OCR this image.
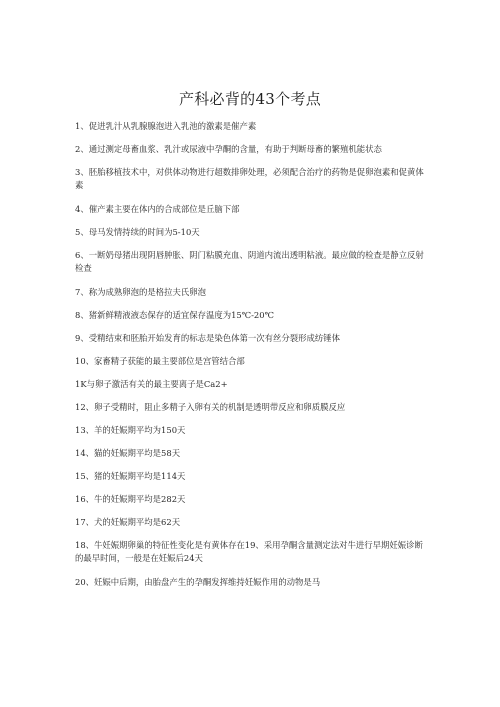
产科必背的43个考点

1、促进乳汁从乳腺腺泡进入乳池的激素是催产素

2、通过测定母畜血浆、乳汁或尿液中孕酮的含量，有助于判断母畜的繁殖机能状态

3、胚胎移植技术中，对供体动物进行超数排卵处理，必须配合治疗的药物是促卵泡素和促黄体素

4、催产素主要在体内的合成部位是丘脑下部

5、母马发情持续的时间为5-10天

6、一断奶母猪出现阴唇肿胀、阴门粘膜充血、阴道内流出透明粘液。最应做的检查是静立反射检查

7、称为成熟卵泡的是格拉夫氏卵泡

8、猪新鲜精液液态保存的适宜保存温度为15℃-20℃

9、受精结束和胚胎开始发育的标志是染色体第一次有丝分裂形成纺锤体

10、家畜精子获能的最主要部位是宫管结合部

1K与卵子激活有关的最主要离子是Ca2+

12、卵子受精时，阻止多精子入卵有关的机制是透明带反应和卵质膜反应

13、羊的妊娠期平均为150天

14、猫的妊娠期平均是58天

15、猪的妊娠期平均是114天

16、牛的妊娠期平均是282天

17、犬的妊娠期平均是62天

18、牛妊娠期卵巢的特征性变化是有黄体存在19、采用孕酮含量测定法对牛进行早期妊娠诊断的最早时间，一般是在妊娠后24天

20、妊娠中后期，由胎盘产生的孕酮发挥维持妊娠作用的动物是马
